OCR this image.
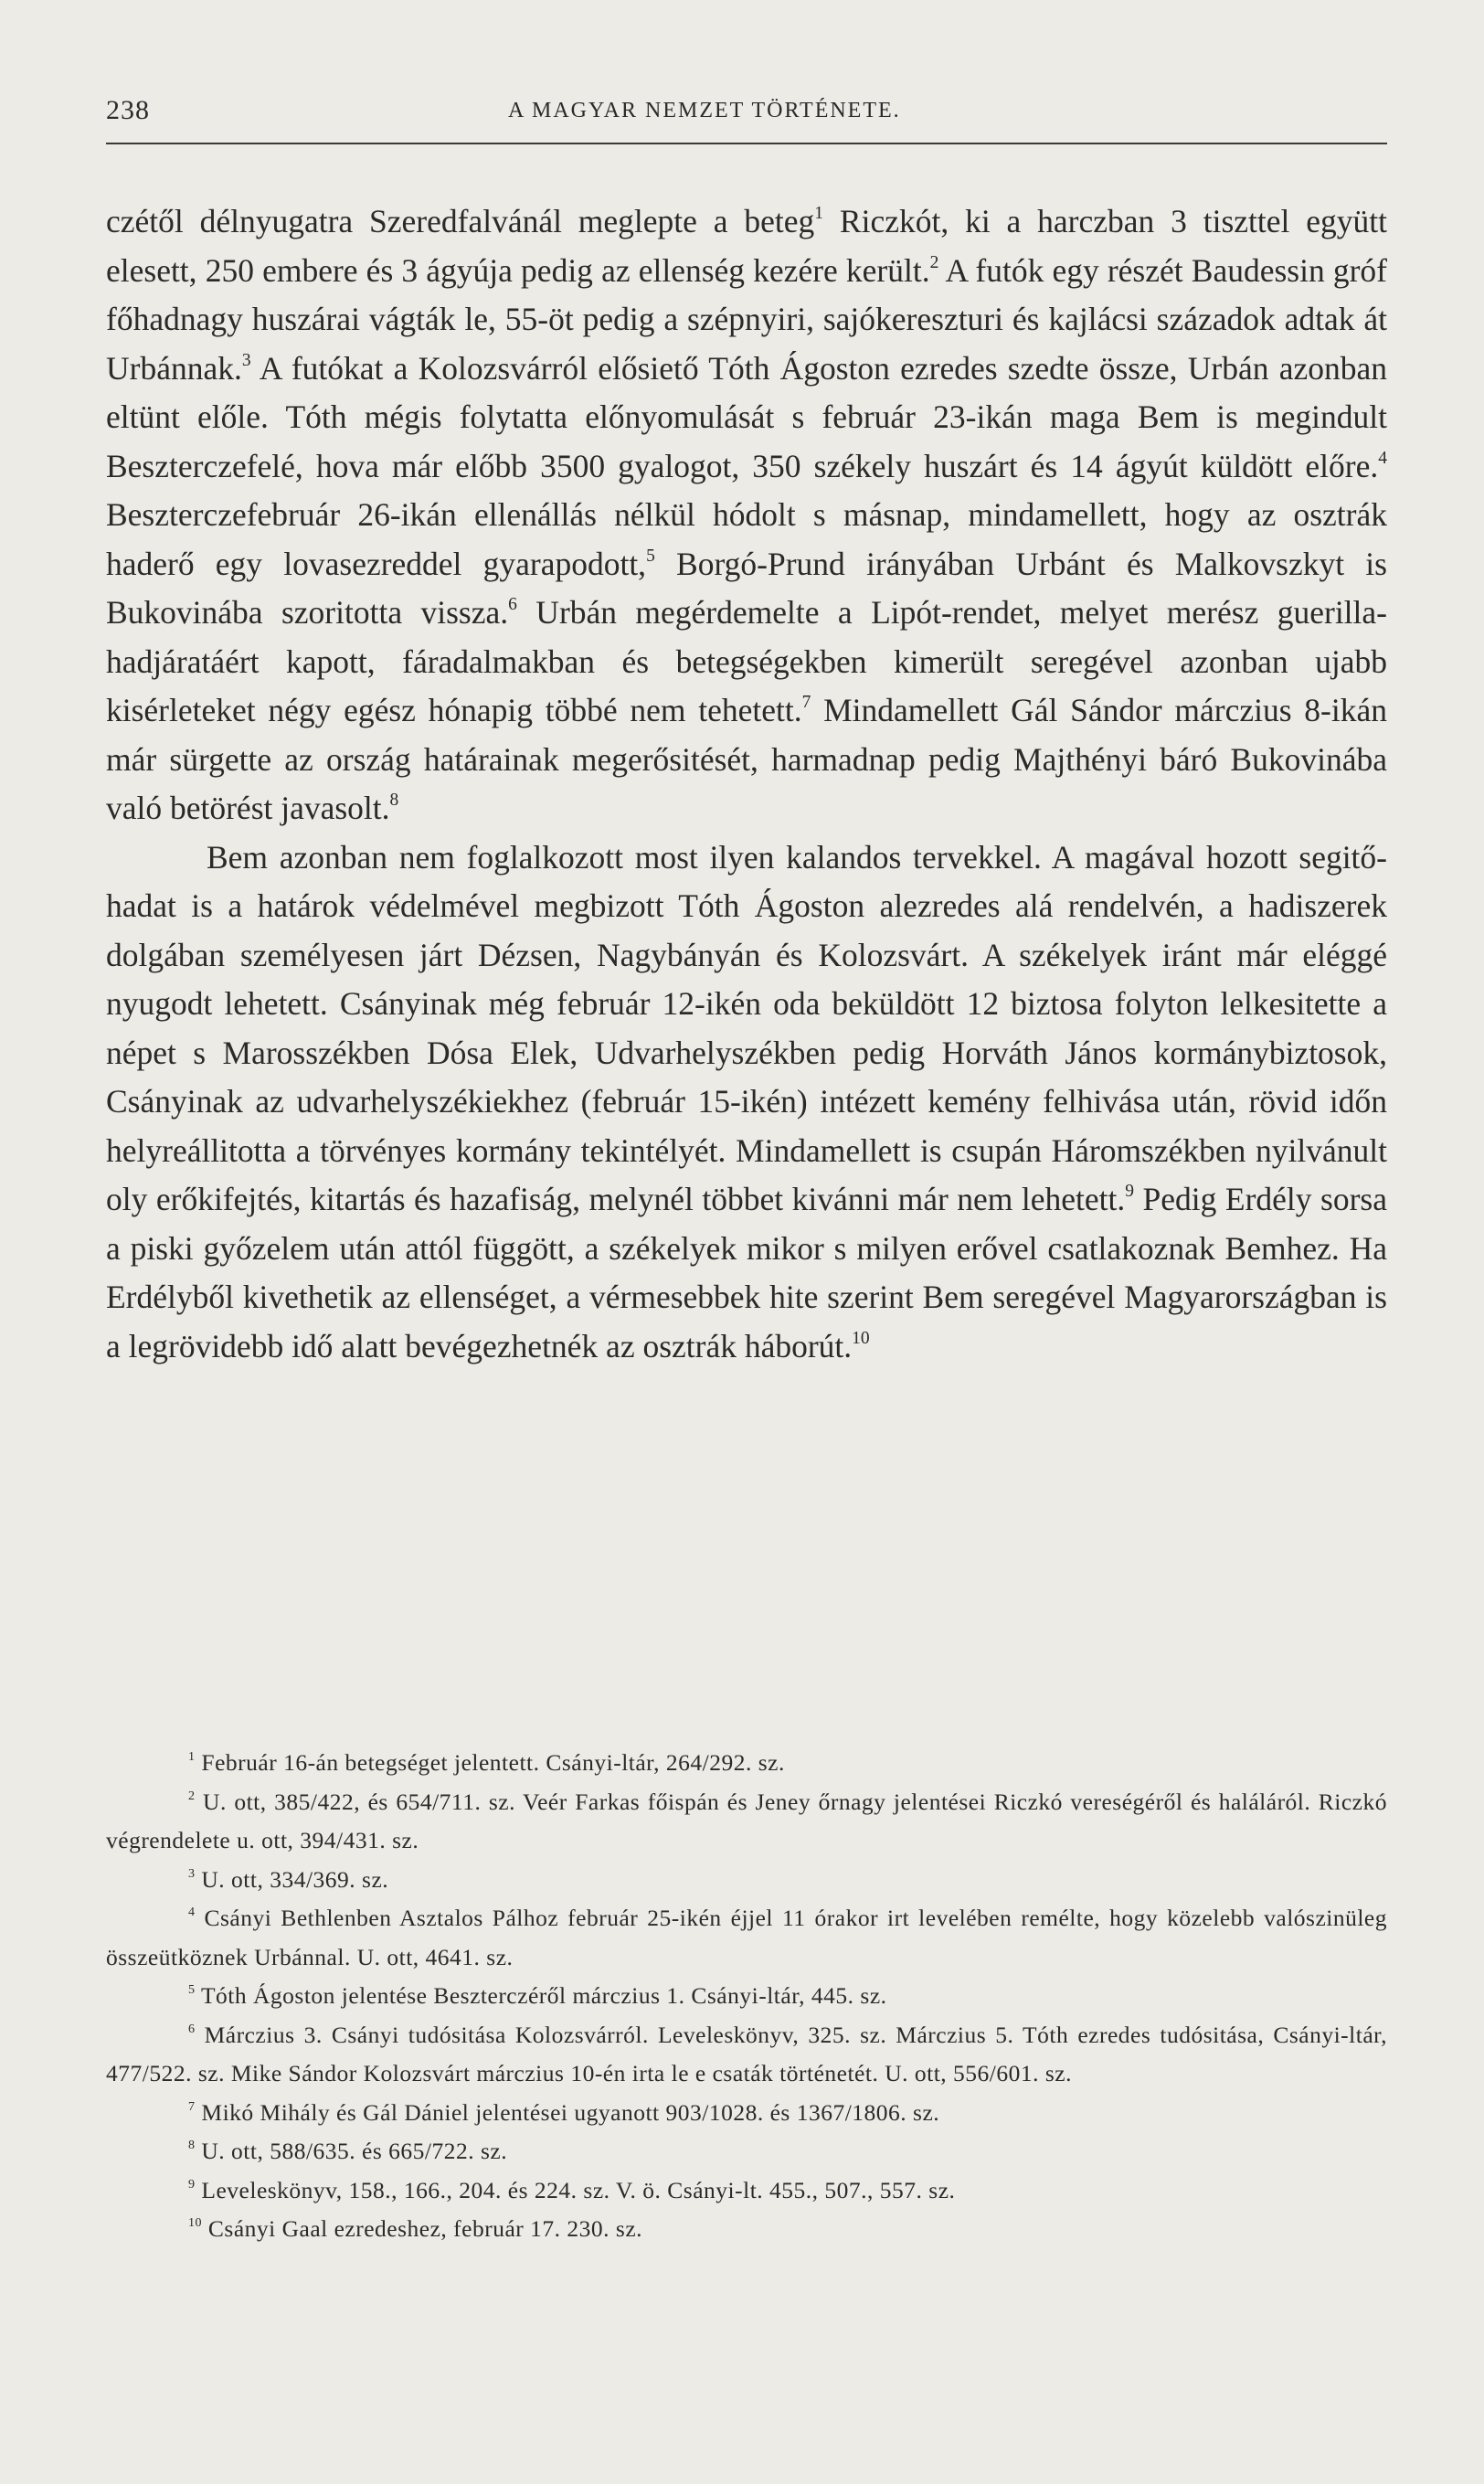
238	A MAGYAR NEMZET TÖRTÉNETE.

czétől délnyugatra Szeredfalvánál meglepte a beteg$^1$ Riczkót, ki a harczban 3 tiszttel együtt elesett, 250 embere és 3 ágyúja pedig az ellenség kezére került.$^2$ A futók egy részét Baudessin gróf főhadnagy huszárai vágták le, 55-öt pedig a szépnyiri, sajókereszturi és kajlácsi századok adtak át Urbánnak.$^3$ A futókat a Kolozsvárról elősiető Tóth Ágoston ezredes szedte össze, Urbán azonban eltünt előle. Tóth mégis folytatta előnyomulását s február 23-ikán maga Bem is megindult Beszterczefelé, hova már előbb 3500 gyalogot, 350 székely huszárt és 14 ágyút küldött előre.$^4$ Beszterczefebruár 26-ikán ellenállás nélkül hódolt s másnap, mindamellett, hogy az osztrák haderő egy lovasezreddel gyarapodott,$^5$ Borgó-Prund irányában Urbánt és Malkovszkyt is Bukovinába szoritotta vissza.$^6$ Urbán megérdemelte a Lipót-rendet, melyet merész guerillahadjáratáért kapott, fáradalmakban és betegségekben kimerült seregével azonban ujabb kisérleteket négy egész hónapig többé nem tehetett.$^7$ Mindamellett Gál Sándor márczius 8-ikán már sürgette az ország határainak megerősitését, harmadnap pedig Majthényi báró Bukovinába való betörést javasolt.$^8$

Bem azonban nem foglalkozott most ilyen kalandos tervekkel. A magával hozott segitő-hadat is a határok védelmével megbizott Tóth Ágoston alezredes alá rendelvén, a hadiszerek dolgában személyesen járt Dézsen, Nagybányán és Kolozsvárt. A székelyek iránt már eléggé nyugodt lehetett. Csányinak még február 12-ikén oda beküldött 12 biztosa folyton lelkesitette a népet s Marosszékben Dósa Elek, Udvarhelyszékben pedig Horváth János kormánybiztosok, Csányinak az udvarhelyszékiekhez (február 15-ikén) intézett kemény felhivása után, rövid időn helyreállitotta a törvényes kormány tekintélyét. Mindamellett is csupán Háromszékben nyilvánult oly erőkifejtés, kitartás és hazafiság, melynél többet kivánni már nem lehetett.$^9$ Pedig Erdély sorsa a piski győzelem után attól függött, a székelyek mikor s milyen erővel csatlakoznak Bemhez. Ha Erdélyből kivethetik az ellenséget, a vérmesebbek hite szerint Bem seregével Magyarországban is a legrövidebb idő alatt bevégezhetnék az osztrák háborút.$^{10}$

$^1$ Február 16-án betegséget jelentett. Csányi-ltár, 264/292. sz.

$^2$ U. ott, 385/422, és 654/711. sz. Veér Farkas főispán és Jeney őrnagy jelentései Riczkó vereségéről és haláláról. Riczkó végrendelete u. ott, 394/431. sz.

$^3$ U. ott, 334/369. sz.

$^4$ Csányi Bethlenben Asztalos Pálhoz február 25-ikén éjjel 11 órakor irt levelében remélte, hogy közelebb valószinüleg összeütköznek Urbánnal. U. ott, 4641. sz.

$^5$ Tóth Ágoston jelentése Beszterczéről márczius 1. Csányi-ltár, 445. sz.

$^6$ Márczius 3. Csányi tudósitása Kolozsvárról. Leveleskönyv, 325. sz. Márczius 5. Tóth ezredes tudósitása, Csányi-ltár, 477/522. sz. Mike Sándor Kolozsvárt márczius 10-én irta le e csaták történetét. U. ott, 556/601. sz.

$^7$ Mikó Mihály és Gál Dániel jelentései ugyanott 903/1028. és 1367/1806. sz.

$^8$ U. ott, 588/635. és 665/722. sz.

$^9$ Leveleskönyv, 158., 166., 204. és 224. sz. V. ö. Csányi-lt. 455., 507., 557. sz.

$^{10}$ Csányi Gaal ezredeshez, február 17. 230. sz.
